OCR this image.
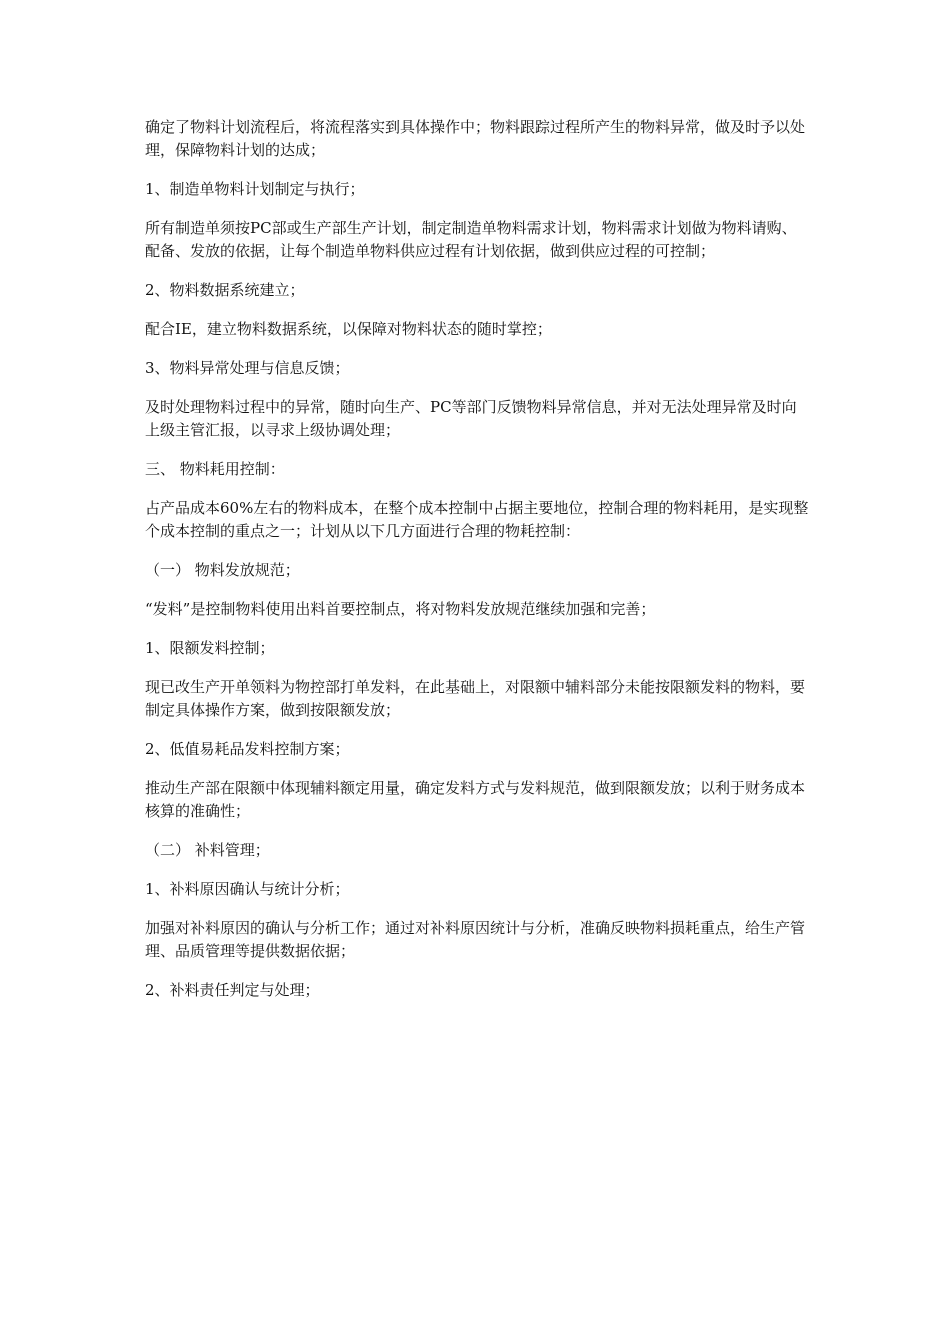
确定了物料计划流程后，将流程落实到具体操作中；物料跟踪过程所产生的物料异常，做及时予以处理，保障物料计划的达成；

1、制造单物料计划制定与执行；

所有制造单须按PC部或生产部生产计划，制定制造单物料需求计划，物料需求计划做为物料请购、配备、发放的依据，让每个制造单物料供应过程有计划依据，做到供应过程的可控制；

2、物料数据系统建立；

配合IE，建立物料数据系统，以保障对物料状态的随时掌控；

3、物料异常处理与信息反馈；

及时处理物料过程中的异常，随时向生产、PC等部门反馈物料异常信息，并对无法处理异常及时向上级主管汇报，以寻求上级协调处理；

三、 物料耗用控制：

占产品成本60%左右的物料成本，在整个成本控制中占据主要地位，控制合理的物料耗用，是实现整个成本控制的重点之一；计划从以下几方面进行合理的物耗控制：

（一） 物料发放规范；

“发料”是控制物料使用出料首要控制点，将对物料发放规范继续加强和完善；

1、限额发料控制；

现已改生产开单领料为物控部打单发料，在此基础上，对限额中辅料部分未能按限额发料的物料，要制定具体操作方案，做到按限额发放；

2、低值易耗品发料控制方案；

推动生产部在限额中体现辅料额定用量，确定发料方式与发料规范，做到限额发放；以利于财务成本核算的准确性；

（二） 补料管理；

1、补料原因确认与统计分析；

加强对补料原因的确认与分析工作；通过对补料原因统计与分析，准确反映物料损耗重点，给生产管理、品质管理等提供数据依据；

2、补料责任判定与处理；
